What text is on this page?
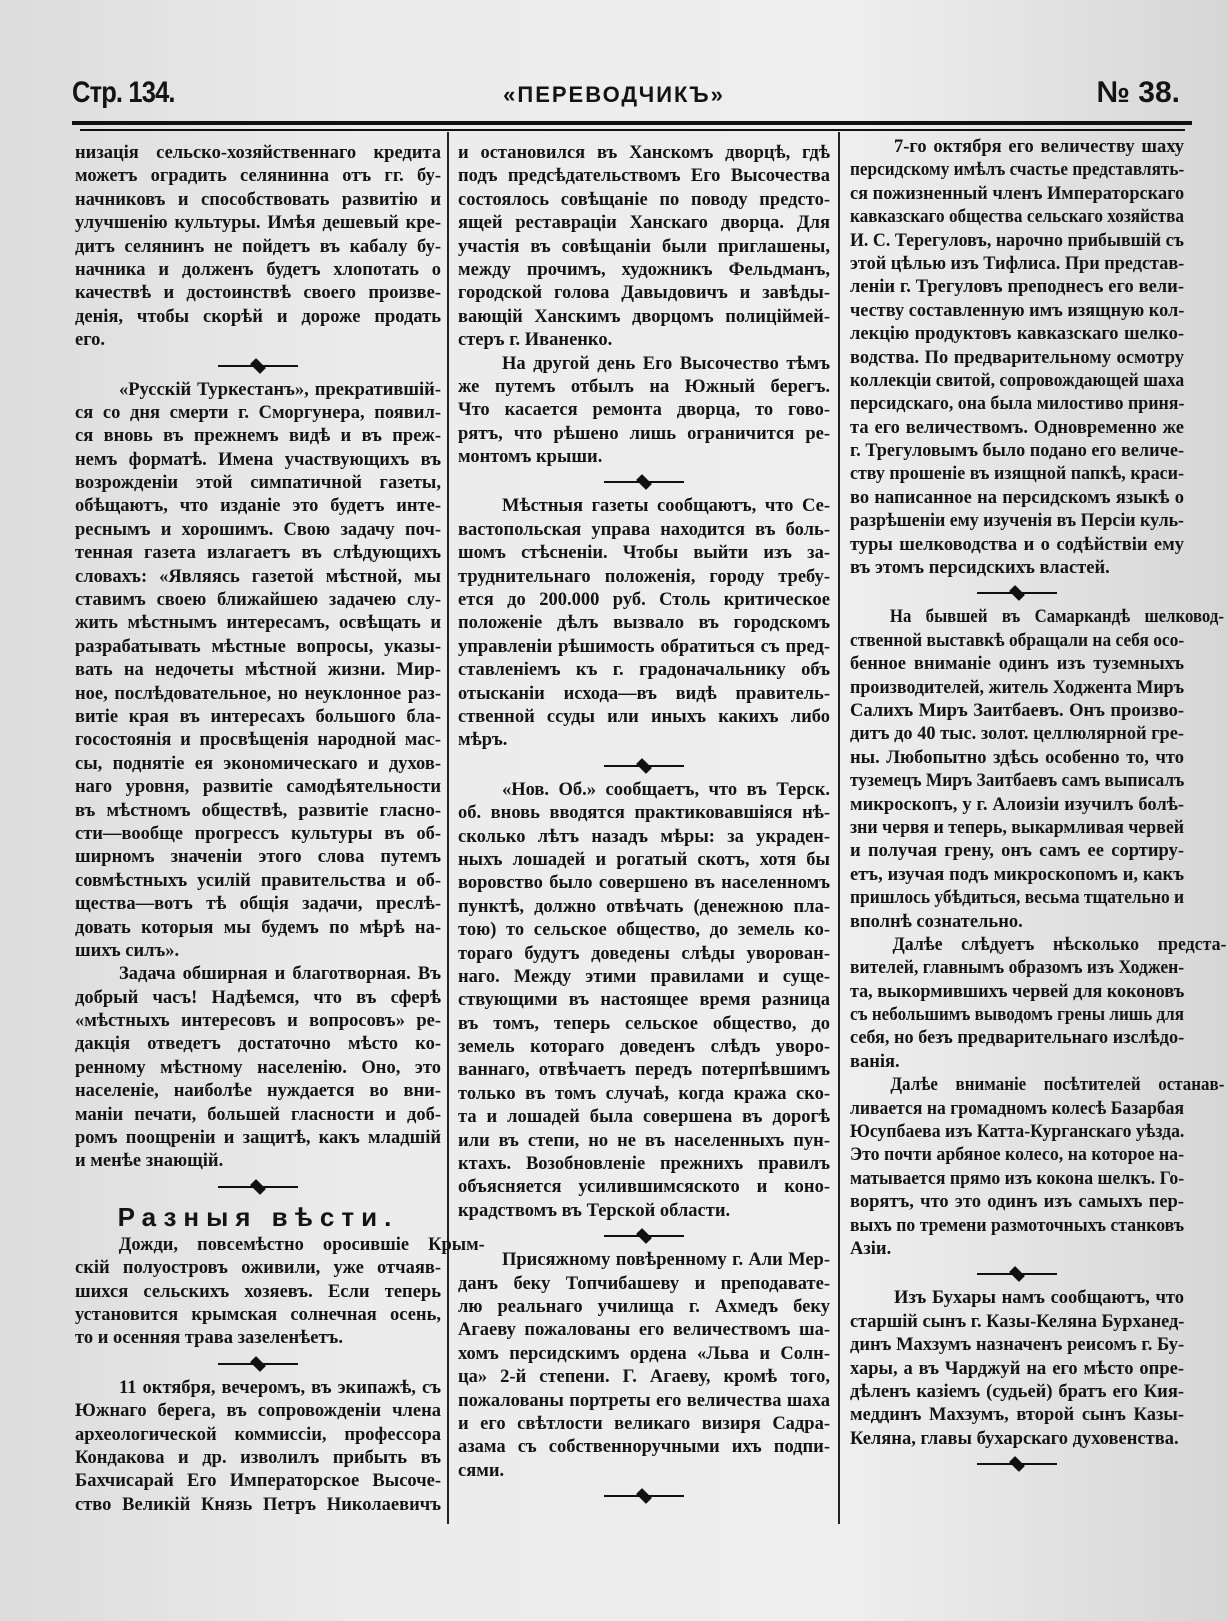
Стр. 134.	«ПЕРЕВОДЧИКЪ»	№ 38.
низація сельско-хозяйственнаго кредита
можетъ оградить селянинна отъ гг. бу-
начниковъ и способствовать развитію и
улучшенію культуры. Имѣя дешевый кре-
дитъ селянинъ не пойдетъ въ кабалу бу-
начника и долженъ будетъ хлопотать о
качествѣ и достоинствѣ своего произве-
денія, чтобы скорѣй и дороже продать
его.
«Русскій Туркестанъ», прекратившій-
ся со дня смерти г. Сморгунера, появил-
ся вновь въ прежнемъ видѣ и въ преж-
немъ форматѣ. Имена участвующихъ въ
возрожденіи этой симпатичной газеты,
обѣщаютъ, что изданіе это будетъ инте-
реснымъ и хорошимъ. Свою задачу поч-
тенная газета излагаетъ въ слѣдующихъ
словахъ: «Являясь газетой мѣстной, мы
ставимъ своею ближайшею задачею слу-
жить мѣстнымъ интересамъ, освѣщать и
разрабатывать мѣстные вопросы, указы-
вать на недочеты мѣстной жизни. Мир-
ное, послѣдовательное, но неуклонное раз-
витіе края въ интересахъ большого бла-
госостоянія и просвѣщенія народной мас-
сы, поднятіе ея экономическаго и духов-
наго уровня, развитіе самодѣятельности
въ мѣстномъ обществѣ, развитіе гласно-
сти—вообще прогрессъ культуры въ об-
ширномъ значеніи этого слова путемъ
совмѣстныхъ усилій правительства и об-
щества—вотъ тѣ общія задачи, преслѣ-
довать которыя мы будемъ по мѣрѣ на-
шихъ силъ».
Задача обширная и благотворная. Въ
добрый часъ! Надѣемся, что въ сферѣ
«мѣстныхъ интересовъ и вопросовъ» ре-
дакція отведетъ достаточно мѣсто ко-
ренному мѣстному населенію. Оно, это
населеніе, наиболѣе нуждается во вни-
маніи печати, большей гласности и доб-
ромъ поощреніи и защитѣ, какъ младшій
и менѣе знающій.
Разныя вѣсти.
Дожди, повсемѣстно оросившіе Крым-
скій полуостровъ оживили, уже отчаяв-
шихся сельскихъ хозяевъ. Если теперь
установится крымская солнечная осень,
то и осенняя трава зазеленѣетъ.
11 октября, вечеромъ, въ экипажѣ, съ
Южнаго берега, въ сопровожденіи члена
археологической коммиссіи, профессора
Кондакова и др. изволилъ прибыть въ
Бахчисарай Его Императорское Высоче-
ство Великій Князь Петръ Николаевичъ
и остановился въ Ханскомъ дворцѣ, гдѣ
подъ предсѣдательствомъ Его Высочества
состоялось совѣщаніе по поводу предсто-
ящей реставраціи Ханскаго дворца. Для
участія въ совѣщаніи были приглашены,
между прочимъ, художникъ Фельдманъ,
городской голова Давыдовичъ и завѣды-
вающій Ханскимъ дворцомъ полиціймей-
стеръ г. Иваненко.
На другой день Его Высочество тѣмъ
же путемъ отбылъ на Южный берегъ.
Что касается ремонта дворца, то гово-
рятъ, что рѣшено лишь ограничится ре-
монтомъ крыши.
Мѣстныя газеты сообщаютъ, что Се-
вастопольская управа находится въ боль-
шомъ стѣсненіи. Чтобы выйти изъ за-
труднительнаго положенія, городу требу-
ется до 200.000 руб. Столь критическое
положеніе дѣлъ вызвало въ городскомъ
управленіи рѣшимость обратиться съ пред-
ставленіемъ къ г. градоначальнику объ
отысканіи исхода—въ видѣ правитель-
ственной ссуды или иныхъ какихъ либо
мѣръ.
«Нов. Об.» сообщаетъ, что въ Терск.
об. вновь вводятся практиковавшіяся нѣ-
сколько лѣтъ назадъ мѣры: за украден-
ныхъ лошадей и рогатый скотъ, хотя бы
воровство было совершено въ населенномъ
пунктѣ, должно отвѣчать (денежною пла-
тою) то сельское общество, до земель ко-
тораго будутъ доведены слѣды уворован-
наго. Между этими правилами и суще-
ствующими въ настоящее время разница
въ томъ, теперь сельское общество, до
земель котораго доведенъ слѣдъ уворо-
ваннаго, отвѣчаетъ передъ потерпѣвшимъ
только въ томъ случаѣ, когда кража ско-
та и лошадей была совершена въ дорогѣ
или въ степи, но не въ населенныхъ пун-
ктахъ. Возобновленіе прежнихъ правилъ
объясняется усилившимсяското и коно-
крадствомъ въ Терской области.
Присяжному повѣренному г. Али Мер-
данъ беку Топчибашеву и преподавате-
лю реальнаго училища г. Ахмедъ беку
Агаеву пожалованы его величествомъ ша-
хомъ персидскимъ ордена «Льва и Солн-
ца» 2-й степени. Г. Агаеву, кромѣ того,
пожалованы портреты его величества шаха
и его свѣтлости великаго визиря Садра-
азама съ собственноручными ихъ подпи-
сями.
7-го октября его величеству шаху
персидскому имѣлъ счастье представлять-
ся пожизненный членъ Императорскаго
кавказскаго общества сельскаго хозяйства
И. С. Терегуловъ, нарочно прибывшій съ
этой цѣлью изъ Тифлиса. При представ-
леніи г. Трегуловъ преподнесъ его вели-
честву составленную имъ изящную кол-
лекцію продуктовъ кавказскаго шелко-
водства. По предварительному осмотру
коллекціи свитой, сопровождающей шаха
персидскаго, она была милостиво приня-
та его величествомъ. Одновременно же
г. Трегуловымъ было подано его величе-
ству прошеніе въ изящной папкѣ, краси-
во написанное на персидскомъ языкѣ о
разрѣшеніи ему изученія въ Персіи куль-
туры шелководства и о содѣйствіи ему
въ этомъ персидскихъ властей.
На бывшей въ Самаркандѣ шелковод-
ственной выставкѣ обращали на себя осо-
бенное вниманіе одинъ изъ туземныхъ
производителей, житель Ходжента Миръ
Салихъ Миръ Заитбаевъ. Онъ произво-
дитъ до 40 тыс. золот. целлюлярной гре-
ны. Любопытно здѣсь особенно то, что
туземецъ Миръ Заитбаевъ самъ выписалъ
микроскопъ, у г. Алоизіи изучилъ болѣ-
зни червя и теперь, выкармливая червей
и получая грену, онъ самъ ее сортиру-
етъ, изучая подъ микроскопомъ и, какъ
пришлось убѣдиться, весьма тщательно и
вполнѣ сознательно.
Далѣе слѣдуетъ нѣсколько предста-
вителей, главнымъ образомъ изъ Ходжен-
та, выкормившихъ червей для коконовъ
съ небольшимъ выводомъ грены лишь для
себя, но безъ предварительнаго изслѣдо-
ванія.
Далѣе вниманіе посѣтителей останав-
ливается на громадномъ колесѣ Базарбая
Юсупбаева изъ Катта-Курганскаго уѣзда.
Это почти арбяное колесо, на которое на-
матывается прямо изъ кокона шелкъ. Го-
ворятъ, что это одинъ изъ самыхъ пер-
выхъ по тремени размоточныхъ станковъ
Азіи.
Изъ Бухары намъ сообщаютъ, что
старшій сынъ г. Казы-Келяна Бурханед-
динъ Махзумъ назначенъ реисомъ г. Бу-
хары, а въ Чарджуй на его мѣсто опре-
дѣленъ казіемъ (судьей) братъ его Кия-
меддинъ Махзумъ, второй сынъ Казы-
Келяна, главы бухарскаго духовенства.
